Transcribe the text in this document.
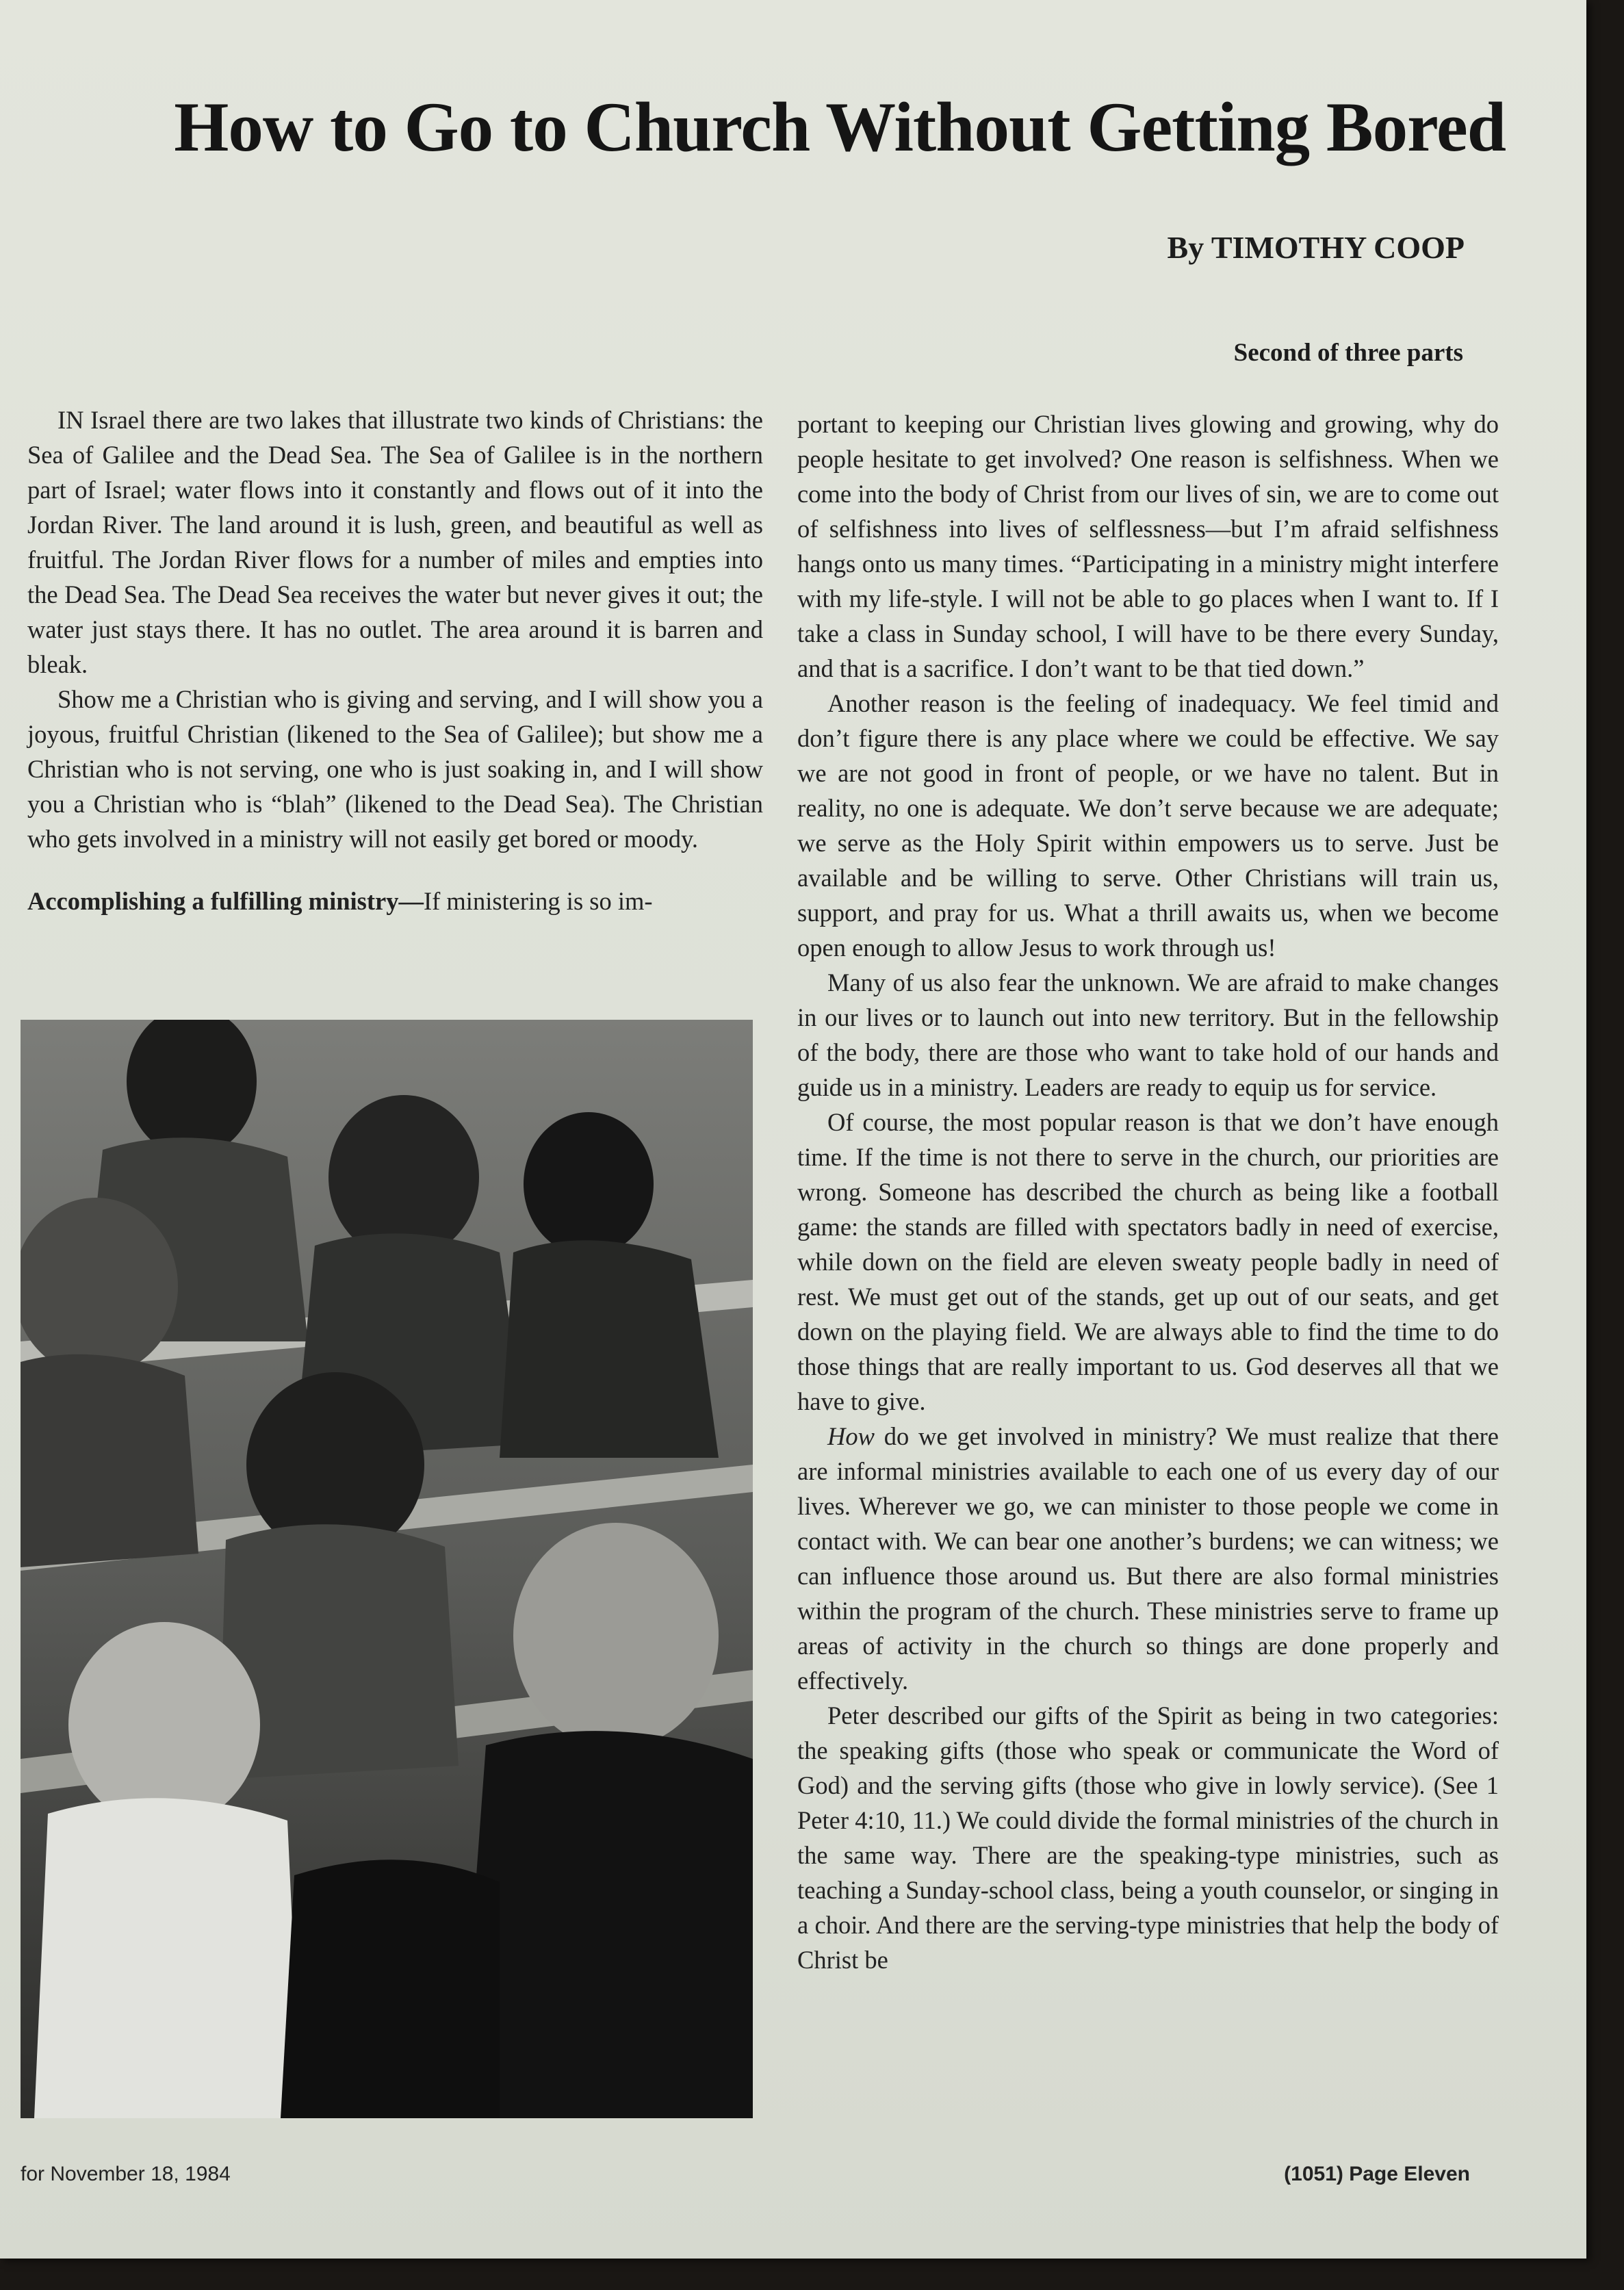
How to Go to Church Without Getting Bored
By TIMOTHY COOP
Second of three parts

IN Israel there are two lakes that illustrate two kinds of Christians: the Sea of Galilee and the Dead Sea. The Sea of Galilee is in the northern part of Israel; water flows into it constantly and flows out of it into the Jordan River. The land around it is lush, green, and beautiful as well as fruitful. The Jordan River flows for a number of miles and empties into the Dead Sea. The Dead Sea receives the water but never gives it out; the water just stays there. It has no outlet. The area around it is barren and bleak.

Show me a Christian who is giving and serving, and I will show you a joyous, fruitful Christian (likened to the Sea of Galilee); but show me a Christian who is not serving, one who is just soaking in, and I will show you a Christian who is “blah” (likened to the Dead Sea). The Christian who gets involved in a ministry will not easily get bored or moody.

Accomplishing a fulfilling ministry—If ministering is so im-

portant to keeping our Christian lives glowing and growing, why do people hesitate to get involved? One reason is selfishness. When we come into the body of Christ from our lives of sin, we are to come out of selfishness into lives of selflessness—but I’m afraid selfishness hangs onto us many times. “Participating in a ministry might interfere with my life-style. I will not be able to go places when I want to. If I take a class in Sunday school, I will have to be there every Sunday, and that is a sacrifice. I don’t want to be that tied down.”

Another reason is the feeling of inadequacy. We feel timid and don’t figure there is any place where we could be effective. We say we are not good in front of people, or we have no talent. But in reality, no one is adequate. We don’t serve because we are adequate; we serve as the Holy Spirit within empowers us to serve. Just be available and be willing to serve. Other Christians will train us, support, and pray for us. What a thrill awaits us, when we become open enough to allow Jesus to work through us!

Many of us also fear the unknown. We are afraid to make changes in our lives or to launch out into new territory. But in the fellowship of the body, there are those who want to take hold of our hands and guide us in a ministry. Leaders are ready to equip us for service.

Of course, the most popular reason is that we don’t have enough time. If the time is not there to serve in the church, our priorities are wrong. Someone has described the church as being like a football game: the stands are filled with spectators badly in need of exercise, while down on the field are eleven sweaty people badly in need of rest. We must get out of the stands, get up out of our seats, and get down on the playing field. We are always able to find the time to do those things that are really important to us. God deserves all that we have to give.

How do we get involved in ministry? We must realize that there are informal ministries available to each one of us every day of our lives. Wherever we go, we can minister to those people we come in contact with. We can bear one another’s burdens; we can witness; we can influence those around us. But there are also formal ministries within the program of the church. These ministries serve to frame up areas of activity in the church so things are done properly and effectively.

Peter described our gifts of the Spirit as being in two categories: the speaking gifts (those who speak or communicate the Word of God) and the serving gifts (those who give in lowly service). (See 1 Peter 4:10, 11.) We could divide the formal ministries of the church in the same way. There are the speaking-type ministries, such as teaching a Sunday-school class, being a youth counselor, or singing in a choir. And there are the serving-type ministries that help the body of Christ be

for November 18, 1984	(1051) Page Eleven
